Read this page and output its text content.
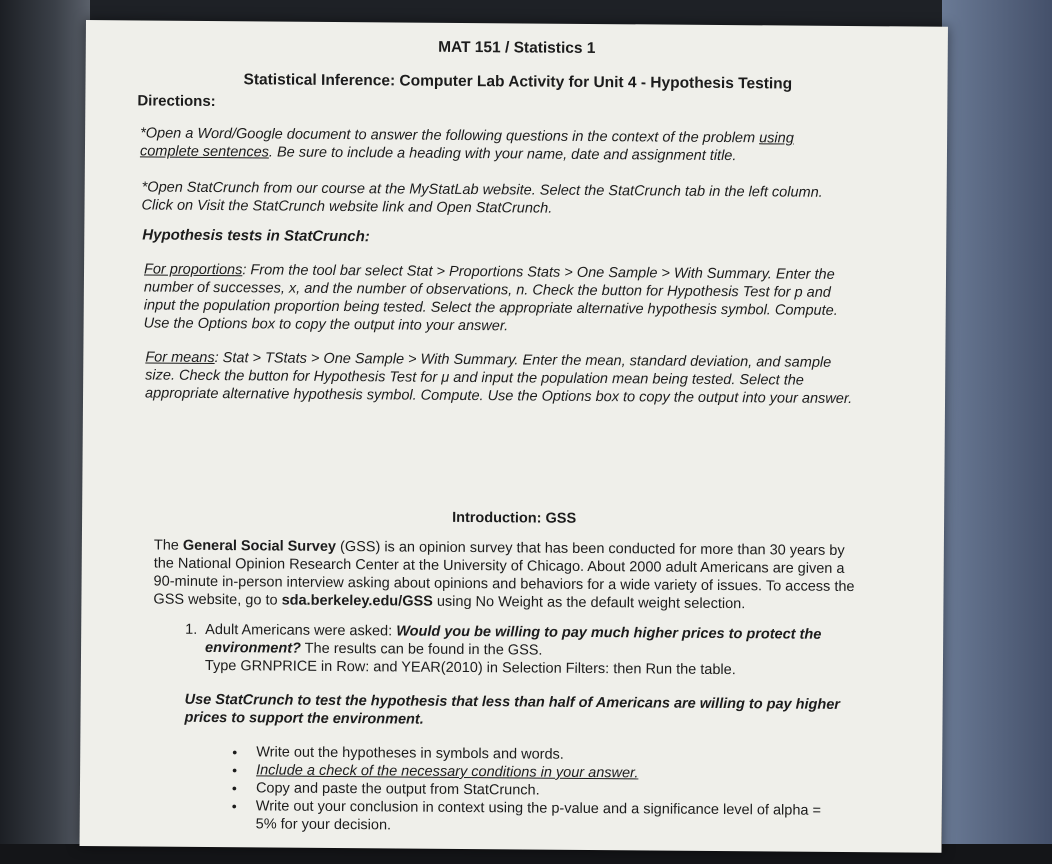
MAT 151 / Statistics 1
Statistical Inference: Computer Lab Activity for Unit 4 - Hypothesis Testing
Directions:
*Open a Word/Google document to answer the following questions in the context of the problem using
complete sentences. Be sure to include a heading with your name, date and assignment title.
*Open StatCrunch from our course at the MyStatLab website. Select the StatCrunch tab in the left column.
Click on Visit the StatCrunch website link and Open StatCrunch.
Hypothesis tests in StatCrunch:
For proportions: From the tool bar select Stat > Proportions Stats > One Sample > With Summary. Enter the
number of successes, x, and the number of observations, n. Check the button for Hypothesis Test for p and
input the population proportion being tested. Select the appropriate alternative hypothesis symbol. Compute.
Use the Options box to copy the output into your answer.
For means: Stat > TStats > One Sample > With Summary. Enter the mean, standard deviation, and sample
size. Check the button for Hypothesis Test for μ and input the population mean being tested. Select the
appropriate alternative hypothesis symbol. Compute. Use the Options box to copy the output into your answer.
Introduction: GSS
The General Social Survey (GSS) is an opinion survey that has been conducted for more than 30 years by
the National Opinion Research Center at the University of Chicago. About 2000 adult Americans are given a
90-minute in-person interview asking about opinions and behaviors for a wide variety of issues. To access the
GSS website, go to sda.berkeley.edu/GSS using No Weight as the default weight selection.
1. Adult Americans were asked: Would you be willing to pay much higher prices to protect the
environment? The results can be found in the GSS.
Type GRNPRICE in Row: and YEAR(2010) in Selection Filters: then Run the table.
Use StatCrunch to test the hypothesis that less than half of Americans are willing to pay higher
prices to support the environment.
• Write out the hypotheses in symbols and words.
• Include a check of the necessary conditions in your answer.
• Copy and paste the output from StatCrunch.
• Write out your conclusion in context using the p-value and a significance level of alpha =
5% for your decision.
